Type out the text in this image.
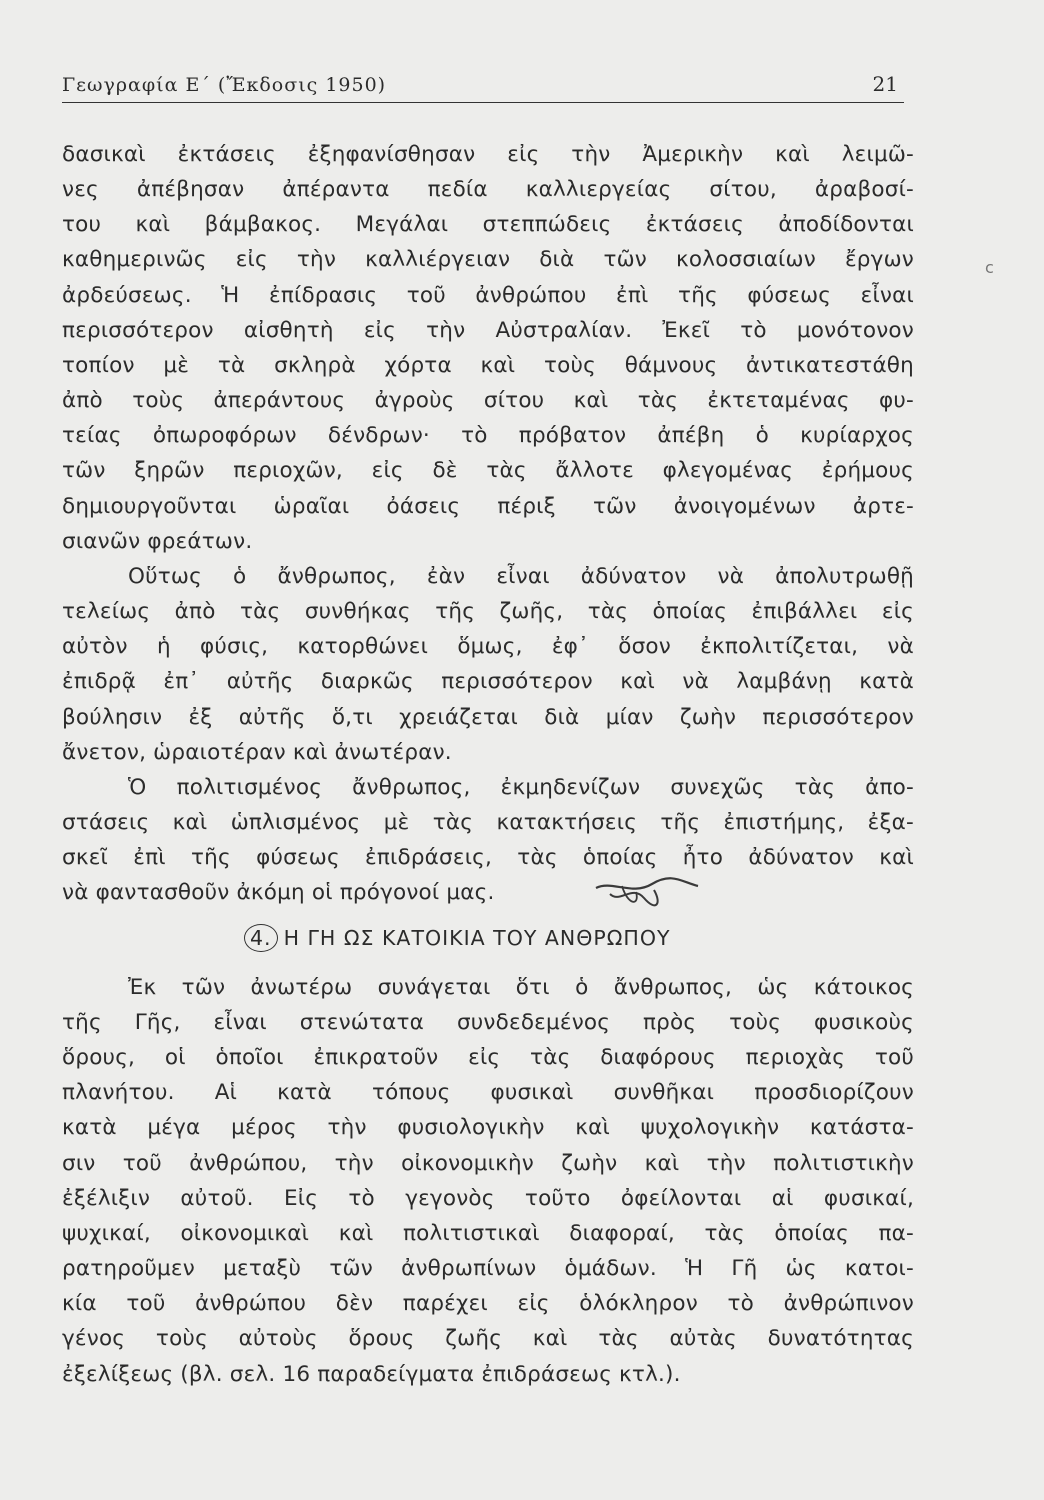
Γεωγραφία Ε΄ (Ἔκδοσις 1950)	21
c
δασικαὶ ἐκτάσεις ἐξηφανίσθησαν εἰς τὴν Ἀμερικὴν καὶ λειμῶ-
νες ἀπέβησαν ἀπέραντα πεδία καλλιεργείας σίτου, ἀραβοσί-
του καὶ βάμβακος. Μεγάλαι στεππώδεις ἐκτάσεις ἀποδίδονται
καθημερινῶς εἰς τὴν καλλιέργειαν διὰ τῶν κολοσσιαίων ἔργων
ἀρδεύσεως. Ἡ ἐπίδρασις τοῦ ἀνθρώπου ἐπὶ τῆς φύσεως εἶναι
περισσότερον αἰσθητὴ εἰς τὴν Αὐστραλίαν. Ἐκεῖ τὸ μονότονον
τοπίον μὲ τὰ σκληρὰ χόρτα καὶ τοὺς θάμνους ἀντικατεστάθη
ἀπὸ τοὺς ἀπεράντους ἀγροὺς σίτου καὶ τὰς ἐκτεταμένας φυ-
τείας ὀπωροφόρων δένδρων· τὸ πρόβατον ἀπέβη ὁ κυρίαρχος
τῶν ξηρῶν περιοχῶν, εἰς δὲ τὰς ἄλλοτε φλεγομένας ἐρήμους
δημιουργοῦνται ὡραῖαι ὀάσεις πέριξ τῶν ἀνοιγομένων ἀρτε-
σιανῶν φρεάτων.
Οὕτως ὁ ἄνθρωπος, ἐὰν εἶναι ἀδύνατον νὰ ἀπολυτρωθῇ
τελείως ἀπὸ τὰς συνθήκας τῆς ζωῆς, τὰς ὁποίας ἐπιβάλλει εἰς
αὐτὸν ἡ φύσις, κατορθώνει ὅμως, ἐφ᾽ ὅσον ἐκπολιτίζεται, νὰ
ἐπιδρᾷ ἐπ᾽ αὐτῆς διαρκῶς περισσότερον καὶ νὰ λαμβάνῃ κατὰ
βούλησιν ἐξ αὐτῆς ὅ,τι χρειάζεται διὰ μίαν ζωὴν περισσότερον
ἄνετον, ὡραιοτέραν καὶ ἀνωτέραν.
Ὁ πολιτισμένος ἄνθρωπος, ἐκμηδενίζων συνεχῶς τὰς ἀπο-
στάσεις καὶ ὡπλισμένος μὲ τὰς κατακτήσεις τῆς ἐπιστήμης, ἐξα-
σκεῖ ἐπὶ τῆς φύσεως ἐπιδράσεις, τὰς ὁποίας ἦτο ἀδύνατον καὶ
νὰ φαντασθοῦν ἀκόμη οἱ πρόγονοί μας.
4. Η ΓΗ ΩΣ ΚΑΤΟΙΚΙΑ ΤΟΥ ΑΝΘΡΩΠΟΥ
Ἐκ τῶν ἀνωτέρω συνάγεται ὅτι ὁ ἄνθρωπος, ὡς κάτοικος
τῆς Γῆς, εἶναι στενώτατα συνδεδεμένος πρὸς τοὺς φυσικοὺς
ὅρους, οἱ ὁποῖοι ἐπικρατοῦν εἰς τὰς διαφόρους περιοχὰς τοῦ
πλανήτου. Αἱ κατὰ τόπους φυσικαὶ συνθῆκαι προσδιορίζουν
κατὰ μέγα μέρος τὴν φυσιολογικὴν καὶ ψυχολογικὴν κατάστα-
σιν τοῦ ἀνθρώπου, τὴν οἰκονομικὴν ζωὴν καὶ τὴν πολιτιστικὴν
ἐξέλιξιν αὐτοῦ. Εἰς τὸ γεγονὸς τοῦτο ὀφείλονται αἱ φυσικαί,
ψυχικαί, οἰκονομικαὶ καὶ πολιτιστικαὶ διαφοραί, τὰς ὁποίας πα-
ρατηροῦμεν μεταξὺ τῶν ἀνθρωπίνων ὁμάδων. Ἡ Γῆ ὡς κατοι-
κία τοῦ ἀνθρώπου δὲν παρέχει εἰς ὁλόκληρον τὸ ἀνθρώπινον
γένος τοὺς αὐτοὺς ὅρους ζωῆς καὶ τὰς αὐτὰς δυνατότητας
ἐξελίξεως (βλ. σελ. 16 παραδείγματα ἐπιδράσεως κτλ.).
